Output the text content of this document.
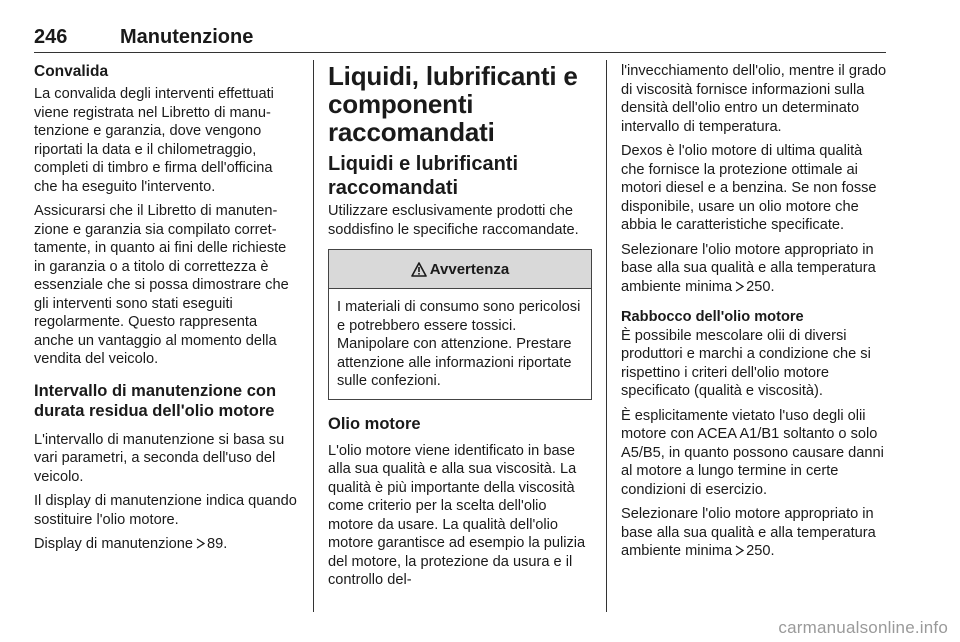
246	Manutenzione
Convalida

La convalida degli interventi effettuati viene registrata nel Libretto di manutenzione e garanzia, dove vengono riportati la data e il chilometraggio, completi di timbro e firma dell'officina che ha eseguito l'intervento.

Assicurarsi che il Libretto di manutenzione e garanzia sia compilato correttamente, in quanto ai fini delle richieste in garanzia o a titolo di correttezza è essenziale che si possa dimostrare che gli interventi sono stati eseguiti regolarmente. Questo rappresenta anche un vantaggio al momento della vendita del veicolo.

Intervallo di manutenzione con durata residua dell'olio motore

L'intervallo di manutenzione si basa su vari parametri, a seconda dell'uso del veicolo.

Il display di manutenzione indica quando sostituire l'olio motore.

Display di manutenzione 89.

Liquidi, lubrificanti e componenti raccomandati
Liquidi e lubrificanti raccomandati

Utilizzare esclusivamente prodotti che soddisfino le specifiche raccomandate.

Avvertenza
I materiali di consumo sono pericolosi e potrebbero essere tossici. Manipolare con attenzione. Prestare attenzione alle informazioni riportate sulle confezioni.
Olio motore

L'olio motore viene identificato in base alla sua qualità e alla sua viscosità. La qualità è più importante della viscosità come criterio per la scelta dell'olio motore da usare. La qualità dell'olio motore garantisce ad esempio la pulizia del motore, la protezione da usura e il controllo del-

l'invecchiamento dell'olio, mentre il grado di viscosità fornisce informazioni sulla densità dell'olio entro un determinato intervallo di temperatura.

Dexos è l'olio motore di ultima qualità che fornisce la protezione ottimale ai motori diesel e a benzina. Se non fosse disponibile, usare un olio motore che abbia le caratteristiche specificate.

Selezionare l'olio motore appropriato in base alla sua qualità e alla temperatura ambiente minima 250.

Rabbocco dell'olio motore

È possibile mescolare olii di diversi produttori e marchi a condizione che si rispettino i criteri dell'olio motore specificato (qualità e viscosità).

È esplicitamente vietato l'uso degli olii motore con ACEA A1/B1 soltanto o solo A5/B5, in quanto possono causare danni al motore a lungo termine in certe condizioni di esercizio.

Selezionare l'olio motore appropriato in base alla sua qualità e alla temperatura ambiente minima 250.

carmanualsonline.info
